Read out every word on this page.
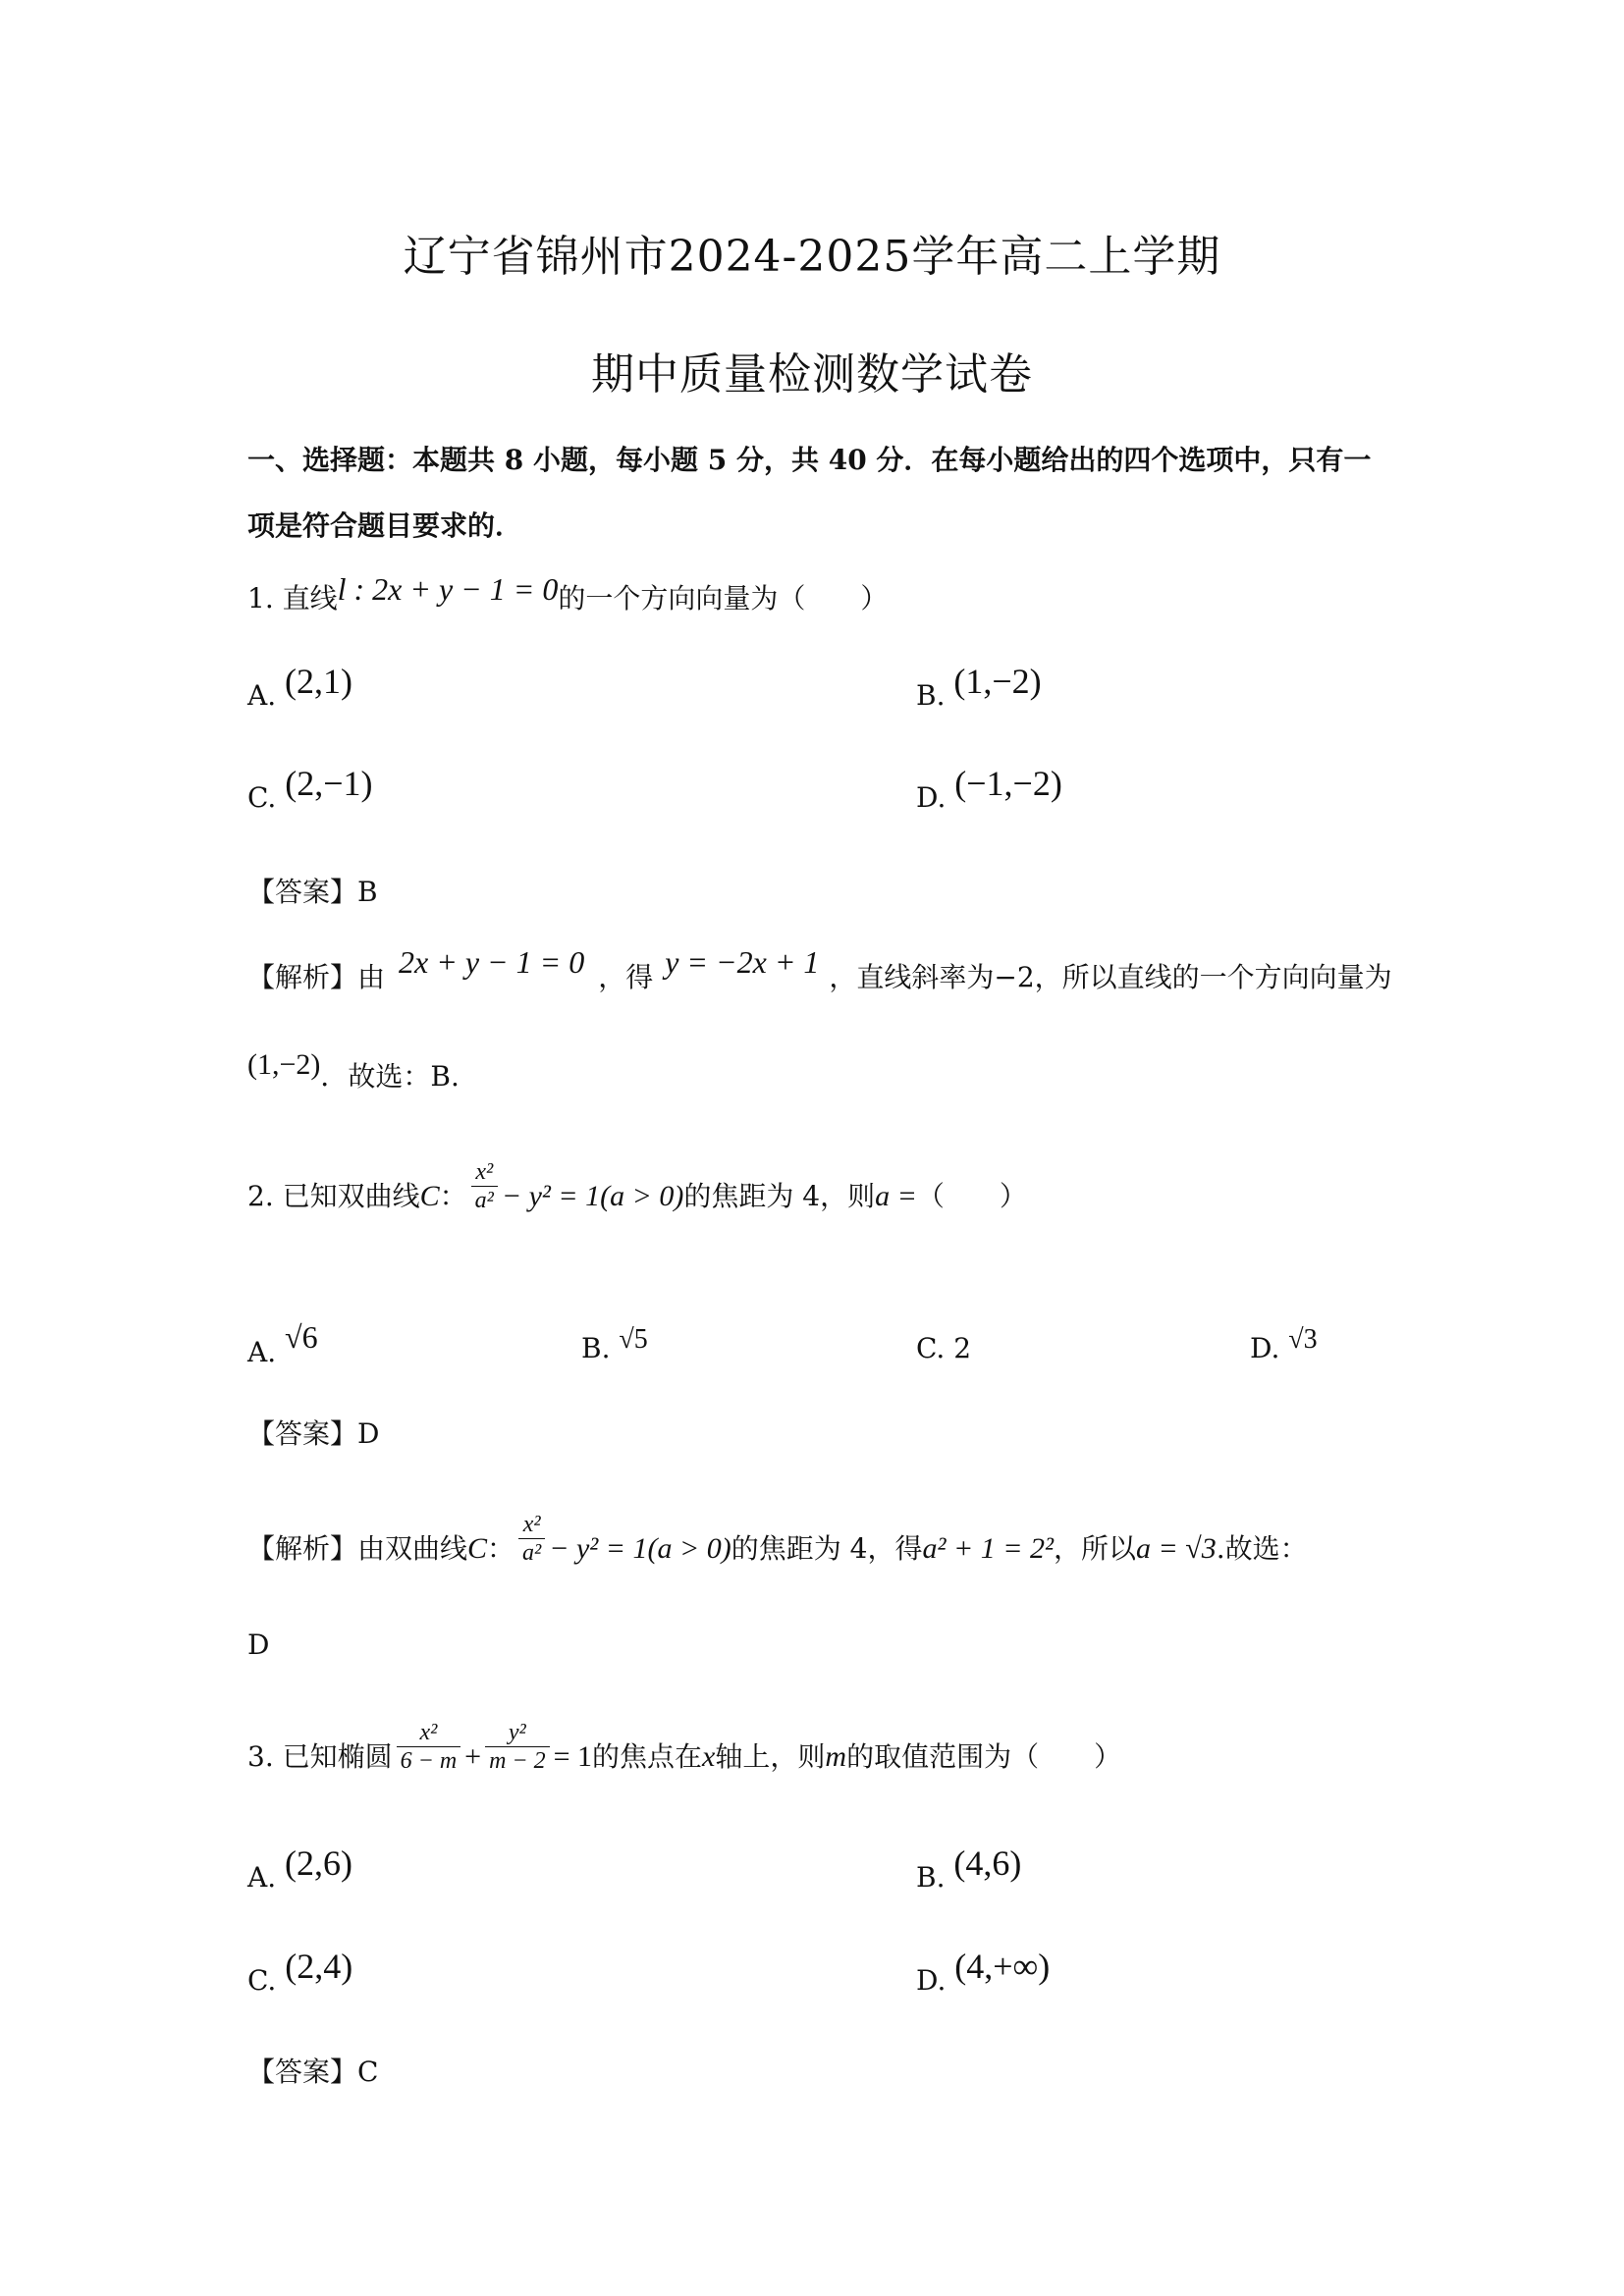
辽宁省锦州市2024-2025学年高二上学期
期中质量检测数学试卷
一、选择题：本题共 8 小题，每小题 5 分，共 40 分．在每小题给出的四个选项中，只有一
项是符合题目要求的．
1. 直线l : 2x + y − 1 = 0的一个方向向量为（　　）
A. (2,1)	B. (1,−2)
C. (2,−1)	D. (−1,−2)
【答案】B
【解析】由 2x + y − 1 = 0 ，得 y = −2x + 1 ，直线斜率为−2，所以直线的一个方向向量为
(1,−2)．故选：B.
2. 已知双曲线C： $\frac{\text{x²}}{\text{a²}} - y^2 = 1(a > 0)$的焦距为 4，则a =（　　）
A. √6	B. √5	C. 2	D. √3
【答案】D
【解析】由双曲线C： $\frac{\text{x²}}{\text{a²}} - y^2 = 1(a > 0)$的焦距为 4，得a² + 1 = 2²，所以a = √3.故选：
D
3. 已知椭圆 $\frac{\text{x²}}{6 - m} + \frac{\text{y²}}{m - 2} = 1$的焦点在x轴上，则m的取值范围为（　　）
A. (2,6)	B. (4,6)
C. (2,4)	D. (4,+∞)
【答案】C
